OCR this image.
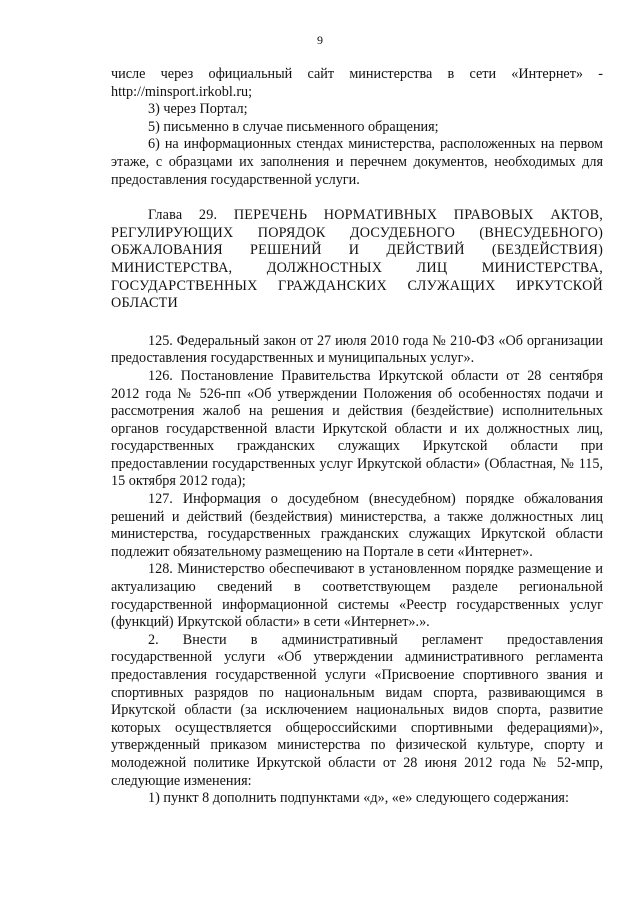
9

числе через официальный сайт министерства в сети «Интернет» - http://minsport.irkobl.ru;

3) через Портал;

5) письменно в случае письменного обращения;

6) на информационных стендах министерства, расположенных на первом этаже, с образцами их заполнения и перечнем документов, необходимых для предоставления государственной услуги.

Глава 29. ПЕРЕЧЕНЬ НОРМАТИВНЫХ ПРАВОВЫХ АКТОВ, РЕГУЛИРУЮЩИХ ПОРЯДОК ДОСУДЕБНОГО (ВНЕСУДЕБНОГО) ОБЖАЛОВАНИЯ РЕШЕНИЙ И ДЕЙСТВИЙ (БЕЗДЕЙСТВИЯ) МИНИСТЕРСТВА, ДОЛЖНОСТНЫХ ЛИЦ МИНИСТЕРСТВА, ГОСУДАРСТВЕННЫХ ГРАЖДАНСКИХ СЛУЖАЩИХ ИРКУТСКОЙ ОБЛАСТИ

125. Федеральный закон от 27 июля 2010 года № 210-ФЗ «Об организации предоставления государственных и муниципальных услуг».

126. Постановление Правительства Иркутской области от 28 сентября 2012 года № 526-пп «Об утверждении Положения об особенностях подачи и рассмотрения жалоб на решения и действия (бездействие) исполнительных органов государственной власти Иркутской области и их должностных лиц, государственных гражданских служащих Иркутской области при предоставлении государственных услуг Иркутской области» (Областная, № 115, 15 октября 2012 года);

127. Информация о досудебном (внесудебном) порядке обжалования решений и действий (бездействия) министерства, а также должностных лиц министерства, государственных гражданских служащих Иркутской области подлежит обязательному размещению на Портале в сети «Интернет».

128. Министерство обеспечивают в установленном порядке размещение и актуализацию сведений в соответствующем разделе региональной государственной информационной системы «Реестр государственных услуг (функций) Иркутской области» в сети «Интернет».».

2. Внести в административный регламент предоставления государственной услуги «Об утверждении административного регламента предоставления государственной услуги «Присвоение спортивного звания и спортивных разрядов по национальным видам спорта, развивающимся в Иркутской области (за исключением национальных видов спорта, развитие которых осуществляется общероссийскими спортивными федерациями)», утвержденный приказом министерства по физической культуре, спорту и молодежной политике Иркутской области от 28 июня 2012 года № 52-мпр, следующие изменения:

1) пункт 8 дополнить подпунктами «д», «е» следующего содержания:
